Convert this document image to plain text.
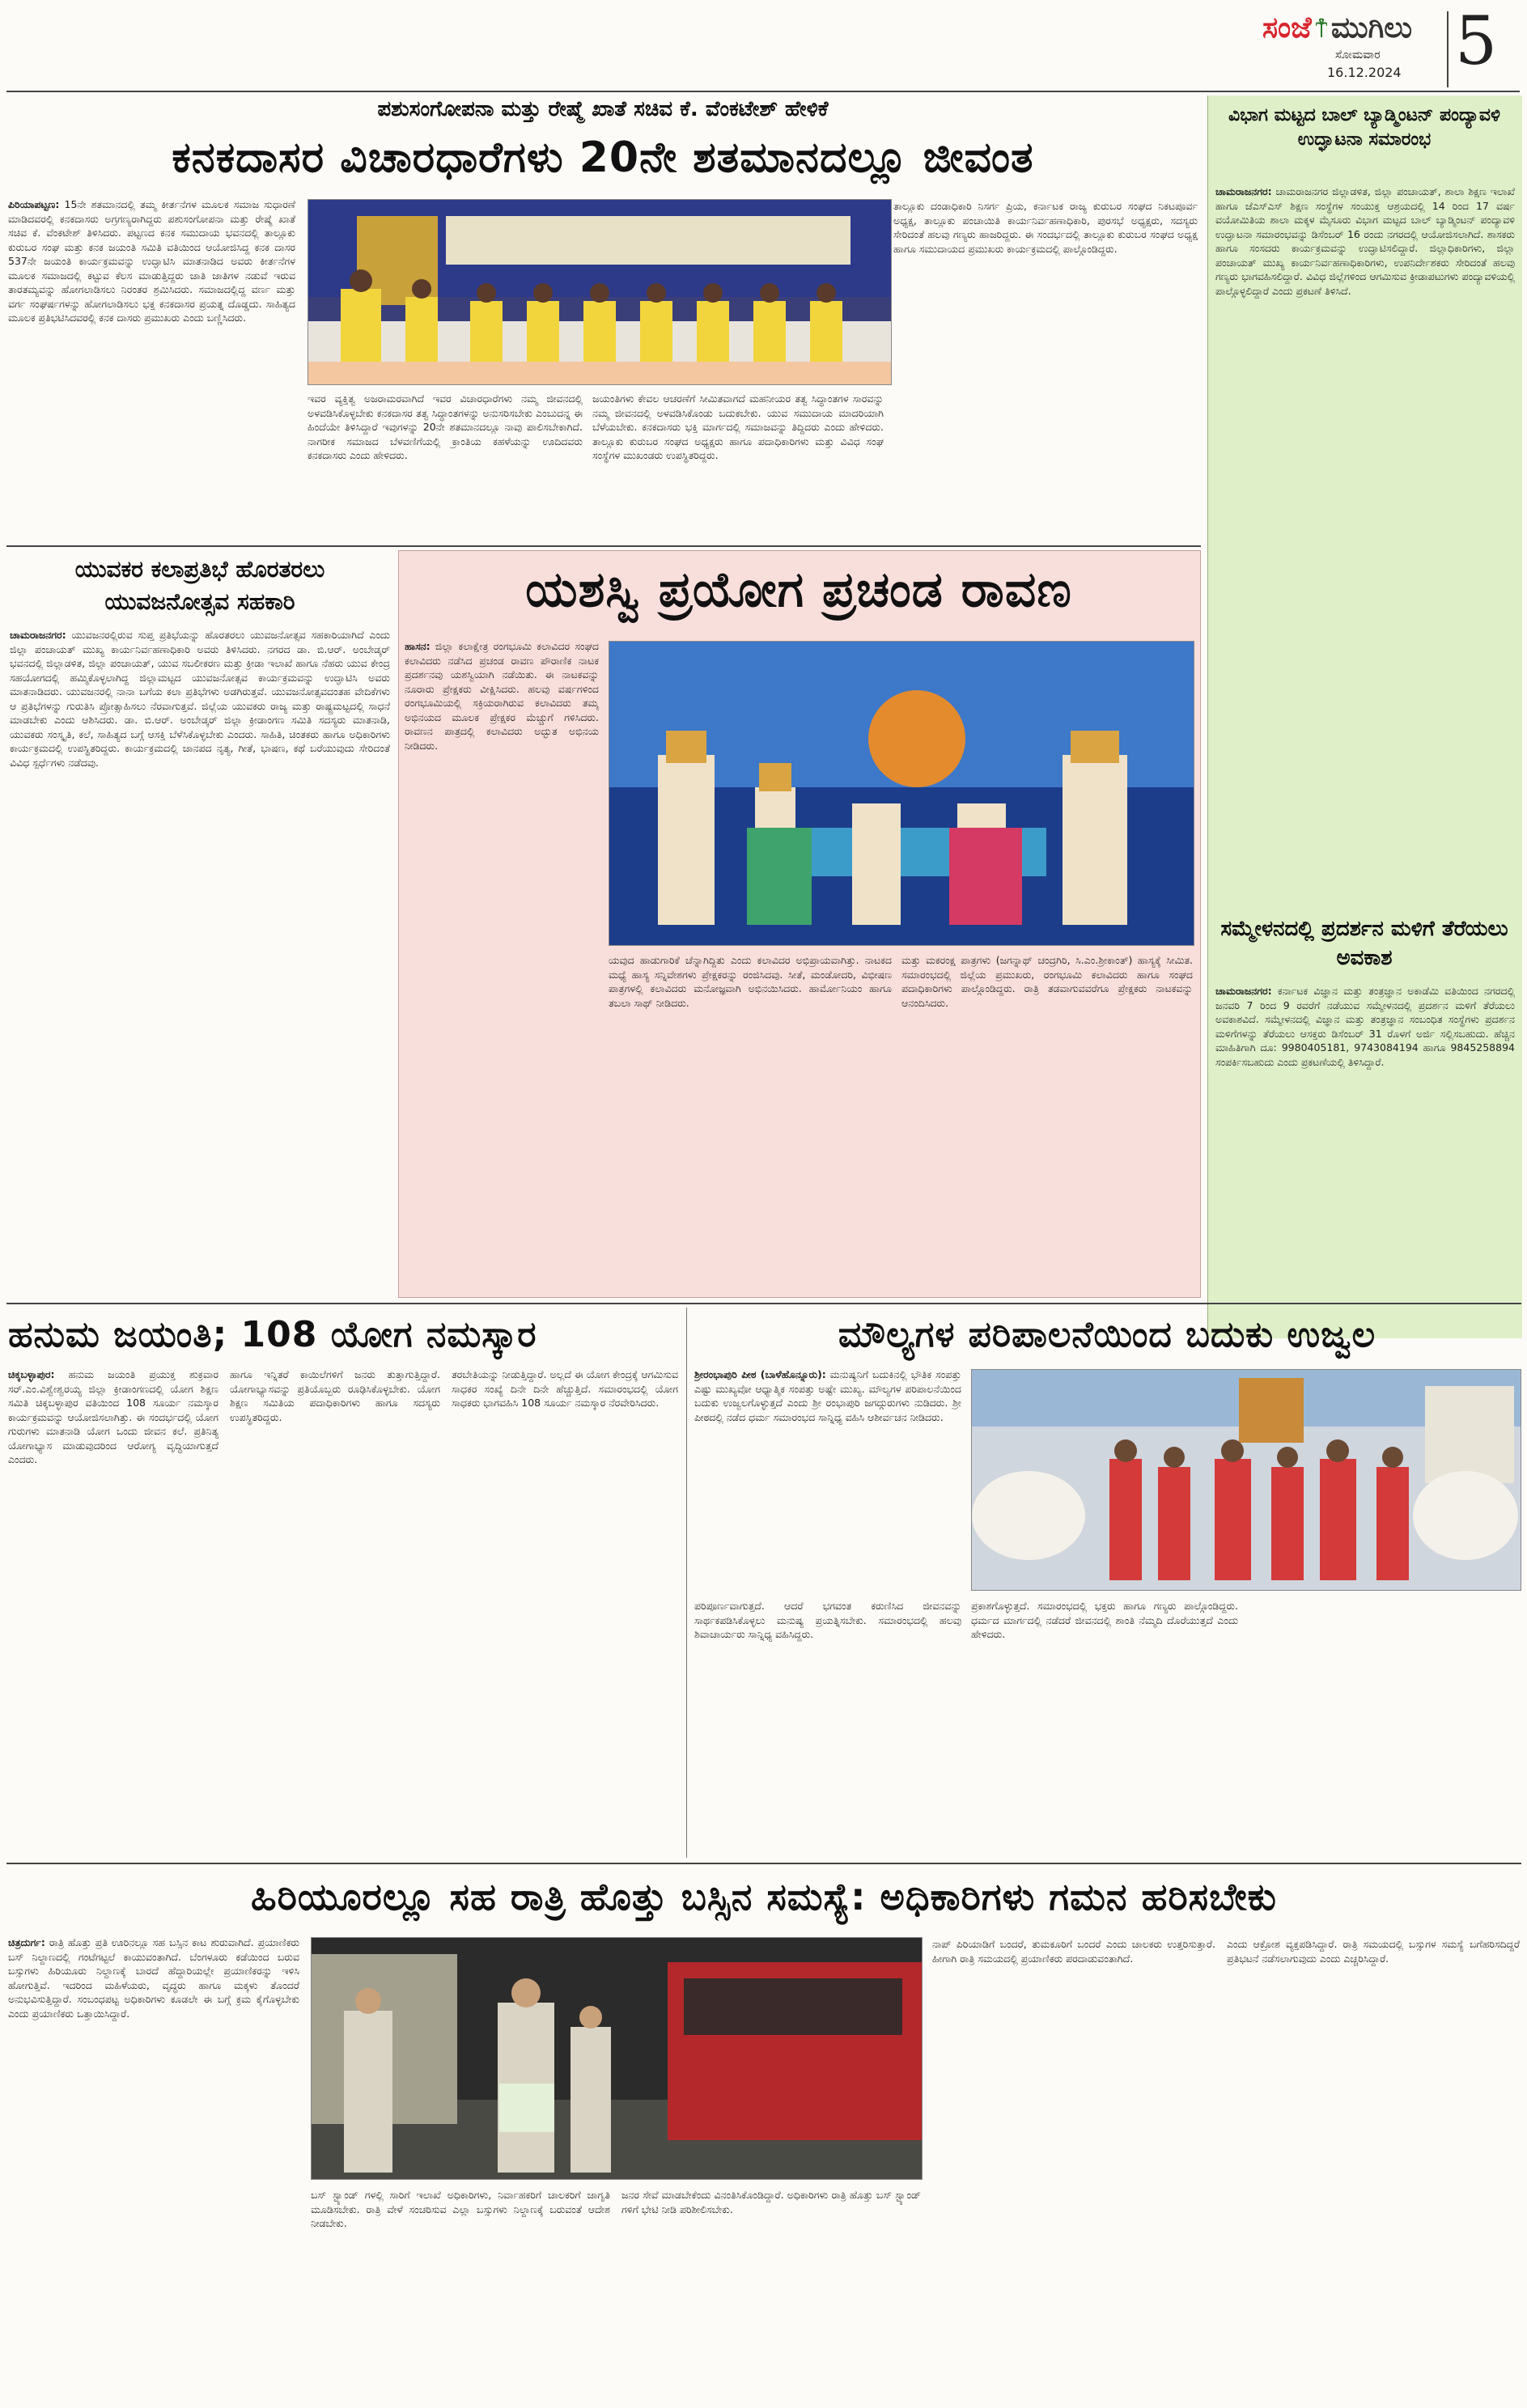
ಸಂಜೆ ಮುಗಿಲು
ಸೋಮವಾರ
16.12.2024 5
ಪಶುಸಂಗೋಪನಾ ಮತ್ತು ರೇಷ್ಮೆ ಖಾತೆ ಸಚಿವ ಕೆ. ವೆಂಕಟೇಶ್ ಹೇಳಿಕೆ
ಕನಕದಾಸರ ವಿಚಾರಧಾರೆಗಳು 20ನೇ ಶತಮಾನದಲ್ಲೂ ಜೀವಂತ
ಪಿರಿಯಾಪಟ್ಟಣ: 15ನೇ ಶತಮಾನದಲ್ಲಿ ತಮ್ಮ ಕೀರ್ತನೆಗಳ ಮೂಲಕ ಸಮಾಜ ಸುಧಾರಣೆ ಮಾಡಿದವರಲ್ಲಿ ಕನಕದಾಸರು ಅಗ್ರಗಣ್ಯರಾಗಿದ್ದರು ಪಶುಸಂಗೋಪನಾ ಮತ್ತು ರೇಷ್ಮೆ ಖಾತೆ ಸಚಿವ ಕೆ. ವೆಂಕಟೇಶ್ ತಿಳಿಸಿದರು. ಪಟ್ಟಣದ ಕನಕ ಸಮುದಾಯ ಭವನದಲ್ಲಿ ತಾಲ್ಲೂಕು ಕುರುಬರ ಸಂಘ ಮತ್ತು ಕನಕ ಜಯಂತಿ ಸಮಿತಿ ವತಿಯಿಂದ ಆಯೋಜಿಸಿದ್ದ ಕನಕ ದಾಸರ 537ನೇ ಜಯಂತಿ ಕಾರ್ಯಕ್ರಮವನ್ನು ಉದ್ಘಾಟಿಸಿ ಮಾತನಾಡಿದ ಅವರು ಕೀರ್ತನೆಗಳ ಮೂಲಕ ಸಮಾಜದಲ್ಲಿ ಕಟ್ಟುವ ಕೆಲಸ ಮಾಡುತ್ತಿದ್ದರು ಜಾತಿ ಜಾತಿಗಳ ನಡುವೆ ಇರುವ ತಾರತಮ್ಯವನ್ನು ಹೋಗಲಾಡಿಸಲು ನಿರಂತರ ಶ್ರಮಿಸಿದರು. ಸಮಾಜದಲ್ಲಿದ್ದ ವರ್ಣ ಮತ್ತು ವರ್ಗ ಸಂಘರ್ಷಗಳನ್ನು ಹೋಗಲಾಡಿಸಲು ಭಕ್ತ ಕನಕದಾಸರ ಪ್ರಯತ್ನ ದೊಡ್ಡದು. ಸಾಹಿತ್ಯದ ಮೂಲಕ ಪ್ರತಿಭಟಿಸಿದವರಲ್ಲಿ ಕನಕ ದಾಸರು ಪ್ರಮುಖರು ಎಂದು ಬಣ್ಣಿಸಿದರು.
ಇವರ ವ್ಯಕ್ತಿತ್ವ ಅಜರಾಮರವಾಗಿದೆ ಇವರ ವಿಚಾರಧಾರೆಗಳು ನಮ್ಮ ಜೀವನದಲ್ಲಿ ಅಳವಡಿಸಿಕೊಳ್ಳಬೇಕು ಕನಕದಾಸರ ತತ್ವ ಸಿದ್ಧಾಂತಗಳನ್ನು ಅನುಸರಿಸಬೇಕು ಎಂಬುದನ್ನ ಈ ಹಿಂದೆಯೇ ತಿಳಿಸಿದ್ದಾರೆ ಇವುಗಳನ್ನು 20ನೇ ಶತಮಾನದಲ್ಲೂ ನಾವು ಪಾಲಿಸಬೇಕಾಗಿದೆ. ನಾಗರೀಕ ಸಮಾಜದ ಬೆಳವಣಿಗೆಯಲ್ಲಿ ಕ್ರಾಂತಿಯ ಕಹಳೆಯನ್ನು ಊದಿದವರು ಕನಕದಾಸರು ಎಂದು ಹೇಳಿದರು.
ಜಯಂತಿಗಳು ಕೇವಲ ಆಚರಣೆಗೆ ಸೀಮಿತವಾಗದೆ ಮಹನೀಯರ ತತ್ವ ಸಿದ್ಧಾಂತಗಳ ಸಾರವನ್ನು ನಮ್ಮ ಜೀವನದಲ್ಲಿ ಅಳವಡಿಸಿಕೊಂಡು ಬದುಕಬೇಕು. ಯುವ ಸಮುದಾಯ ಮಾದರಿಯಾಗಿ ಬೆಳೆಯಬೇಕು. ಕನಕದಾಸರು ಭಕ್ತಿ ಮಾರ್ಗದಲ್ಲಿ ಸಮಾಜವನ್ನು ತಿದ್ದಿದರು ಎಂದು ಹೇಳಿದರು. ತಾಲ್ಲೂಕು ಕುರುಬರ ಸಂಘದ ಅಧ್ಯಕ್ಷರು ಹಾಗೂ ಪದಾಧಿಕಾರಿಗಳು ಮತ್ತು ವಿವಿಧ ಸಂಘ ಸಂಸ್ಥೆಗಳ ಮುಖಂಡರು ಉಪಸ್ಥಿತರಿದ್ದರು.
ತಾಲ್ಲೂಕು ದಂಡಾಧಿಕಾರಿ ನಿಸರ್ಗ ಪ್ರಿಯ, ಕರ್ನಾಟಕ ರಾಜ್ಯ ಕುರುಬರ ಸಂಘದ ನಿಕಟಪೂರ್ವ ಅಧ್ಯಕ್ಷ, ತಾಲ್ಲೂಕು ಪಂಚಾಯಿತಿ ಕಾರ್ಯನಿರ್ವಹಣಾಧಿಕಾರಿ, ಪುರಸಭೆ ಅಧ್ಯಕ್ಷರು, ಸದಸ್ಯರು ಸೇರಿದಂತೆ ಹಲವು ಗಣ್ಯರು ಹಾಜರಿದ್ದರು. ಈ ಸಂದರ್ಭದಲ್ಲಿ ತಾಲ್ಲೂಕು ಕುರುಬರ ಸಂಘದ ಅಧ್ಯಕ್ಷ ಹಾಗೂ ಸಮುದಾಯದ ಪ್ರಮುಖರು ಕಾರ್ಯಕ್ರಮದಲ್ಲಿ ಪಾಲ್ಗೊಂಡಿದ್ದರು.
ವಿಭಾಗ ಮಟ್ಟದ ಬಾಲ್ ಬ್ಯಾಡ್ಮಿಂಟನ್ ಪಂದ್ಯಾವಳಿ ಉದ್ಘಾಟನಾ ಸಮಾರಂಭ
ಚಾಮರಾಜನಗರ: ಚಾಮರಾಜನಗರ ಜಿಲ್ಲಾಡಳಿತ, ಜಿಲ್ಲಾ ಪಂಚಾಯತ್, ಶಾಲಾ ಶಿಕ್ಷಣ ಇಲಾಖೆ ಹಾಗೂ ಜೆಎಸ್ಎಸ್ ಶಿಕ್ಷಣ ಸಂಸ್ಥೆಗಳ ಸಂಯುಕ್ತ ಆಶ್ರಯದಲ್ಲಿ 14 ರಿಂದ 17 ವರ್ಷ ವಯೋಮಿತಿಯ ಶಾಲಾ ಮಕ್ಕಳ ಮೈಸೂರು ವಿಭಾಗ ಮಟ್ಟದ ಬಾಲ್ ಬ್ಯಾಡ್ಮಿಂಟನ್ ಪಂದ್ಯಾವಳಿ ಉದ್ಘಾಟನಾ ಸಮಾರಂಭವನ್ನು ಡಿಸೆಂಬರ್ 16 ರಂದು ನಗರದಲ್ಲಿ ಆಯೋಜಿಸಲಾಗಿದೆ. ಶಾಸಕರು ಹಾಗೂ ಸಂಸದರು ಕಾರ್ಯಕ್ರಮವನ್ನು ಉದ್ಘಾಟಿಸಲಿದ್ದಾರೆ. ಜಿಲ್ಲಾಧಿಕಾರಿಗಳು, ಜಿಲ್ಲಾ ಪಂಚಾಯತ್ ಮುಖ್ಯ ಕಾರ್ಯನಿರ್ವಹಣಾಧಿಕಾರಿಗಳು, ಉಪನಿರ್ದೇಶಕರು ಸೇರಿದಂತೆ ಹಲವು ಗಣ್ಯರು ಭಾಗವಹಿಸಲಿದ್ದಾರೆ. ವಿವಿಧ ಜಿಲ್ಲೆಗಳಿಂದ ಆಗಮಿಸುವ ಕ್ರೀಡಾಪಟುಗಳು ಪಂದ್ಯಾವಳಿಯಲ್ಲಿ ಪಾಲ್ಗೊಳ್ಳಲಿದ್ದಾರೆ ಎಂದು ಪ್ರಕಟಣೆ ತಿಳಿಸಿದೆ.
ಸಮ್ಮೇಳನದಲ್ಲಿ ಪ್ರದರ್ಶನ ಮಳಿಗೆ ತೆರೆಯಲು ಅವಕಾಶ
ಚಾಮರಾಜನಗರ: ಕರ್ನಾಟಕ ವಿಜ್ಞಾನ ಮತ್ತು ತಂತ್ರಜ್ಞಾನ ಅಕಾಡೆಮಿ ವತಿಯಿಂದ ನಗರದಲ್ಲಿ ಜನವರಿ 7 ರಿಂದ 9 ರವರೆಗೆ ನಡೆಯುವ ಸಮ್ಮೇಳನದಲ್ಲಿ ಪ್ರದರ್ಶನ ಮಳಿಗೆ ತೆರೆಯಲು ಅವಕಾಶವಿದೆ. ಸಮ್ಮೇಳನದಲ್ಲಿ ವಿಜ್ಞಾನ ಮತ್ತು ತಂತ್ರಜ್ಞಾನ ಸಂಬಂಧಿತ ಸಂಸ್ಥೆಗಳು ಪ್ರದರ್ಶನ ಮಳಿಗೆಗಳನ್ನು ತೆರೆಯಲು ಆಸಕ್ತರು ಡಿಸೆಂಬರ್ 31 ರೊಳಗೆ ಅರ್ಜಿ ಸಲ್ಲಿಸಬಹುದು. ಹೆಚ್ಚಿನ ಮಾಹಿತಿಗಾಗಿ ದೂ: 9980405181, 9743084194 ಹಾಗೂ 9845258894 ಸಂಪರ್ಕಿಸಬಹುದು ಎಂದು ಪ್ರಕಟಣೆಯಲ್ಲಿ ತಿಳಿಸಿದ್ದಾರೆ.
ಯುವಕರ ಕಲಾಪ್ರತಿಭೆ ಹೊರತರಲು ಯುವಜನೋತ್ಸವ ಸಹಕಾರಿ
ಚಾಮರಾಜನಗರ: ಯುವಜನರಲ್ಲಿರುವ ಸುಪ್ತ ಪ್ರತಿಭೆಯನ್ನು ಹೊರತರಲು ಯುವಜನೋತ್ಸವ ಸಹಕಾರಿಯಾಗಿದೆ ಎಂದು ಜಿಲ್ಲಾ ಪಂಚಾಯತ್ ಮುಖ್ಯ ಕಾರ್ಯನಿರ್ವಹಣಾಧಿಕಾರಿ ಅವರು ತಿಳಿಸಿದರು. ನಗರದ ಡಾ. ಬಿ.ಆರ್. ಅಂಬೇಡ್ಕರ್ ಭವನದಲ್ಲಿ ಜಿಲ್ಲಾಡಳಿತ, ಜಿಲ್ಲಾ ಪಂಚಾಯತ್, ಯುವ ಸಬಲೀಕರಣ ಮತ್ತು ಕ್ರೀಡಾ ಇಲಾಖೆ ಹಾಗೂ ನೆಹರು ಯುವ ಕೇಂದ್ರ ಸಹಯೋಗದಲ್ಲಿ ಹಮ್ಮಿಕೊಳ್ಳಲಾಗಿದ್ದ ಜಿಲ್ಲಾಮಟ್ಟದ ಯುವಜನೋತ್ಸವ ಕಾರ್ಯಕ್ರಮವನ್ನು ಉದ್ಘಾಟಿಸಿ ಅವರು ಮಾತನಾಡಿದರು. ಯುವಜನರಲ್ಲಿ ನಾನಾ ಬಗೆಯ ಕಲಾ ಪ್ರತಿಭೆಗಳು ಅಡಗಿರುತ್ತವೆ. ಯುವಜನೋತ್ಸವದಂತಹ ವೇದಿಕೆಗಳು ಆ ಪ್ರತಿಭೆಗಳನ್ನು ಗುರುತಿಸಿ ಪ್ರೋತ್ಸಾಹಿಸಲು ನೆರವಾಗುತ್ತವೆ. ಜಿಲ್ಲೆಯ ಯುವಕರು ರಾಜ್ಯ ಮತ್ತು ರಾಷ್ಟ್ರಮಟ್ಟದಲ್ಲಿ ಸಾಧನೆ ಮಾಡಬೇಕು ಎಂದು ಆಶಿಸಿದರು. ಡಾ. ಬಿ.ಆರ್. ಅಂಬೇಡ್ಕರ್ ಜಿಲ್ಲಾ ಕ್ರೀಡಾಂಗಣ ಸಮಿತಿ ಸದಸ್ಯರು ಮಾತನಾಡಿ, ಯುವಕರು ಸಂಸ್ಕೃತಿ, ಕಲೆ, ಸಾಹಿತ್ಯದ ಬಗ್ಗೆ ಆಸಕ್ತಿ ಬೆಳೆಸಿಕೊಳ್ಳಬೇಕು ಎಂದರು. ಸಾಹಿತಿ, ಚಿಂತಕರು ಹಾಗೂ ಅಧಿಕಾರಿಗಳು ಕಾರ್ಯಕ್ರಮದಲ್ಲಿ ಉಪಸ್ಥಿತರಿದ್ದರು. ಕಾರ್ಯಕ್ರಮದಲ್ಲಿ ಜಾನಪದ ನೃತ್ಯ, ಗೀತೆ, ಭಾಷಣ, ಕಥೆ ಬರೆಯುವುದು ಸೇರಿದಂತೆ ವಿವಿಧ ಸ್ಪರ್ಧೆಗಳು ನಡೆದವು.
ಯಶಸ್ವಿ ಪ್ರಯೋಗ ಪ್ರಚಂಡ ರಾವಣ
ಹಾಸನ: ಜಿಲ್ಲಾ ಕಲಾಕ್ಷೇತ್ರ ರಂಗಭೂಮಿ ಕಲಾವಿದರ ಸಂಘದ ಕಲಾವಿದರು ನಡೆಸಿದ ಪ್ರಚಂಡ ರಾವಣ ಪೌರಾಣಿಕ ನಾಟಕ ಪ್ರದರ್ಶನವು ಯಶಸ್ವಿಯಾಗಿ ನಡೆಯಿತು. ಈ ನಾಟಕವನ್ನು ನೂರಾರು ಪ್ರೇಕ್ಷಕರು ವೀಕ್ಷಿಸಿದರು. ಹಲವು ವರ್ಷಗಳಿಂದ ರಂಗಭೂಮಿಯಲ್ಲಿ ಸಕ್ರಿಯರಾಗಿರುವ ಕಲಾವಿದರು ತಮ್ಮ ಅಭಿನಯದ ಮೂಲಕ ಪ್ರೇಕ್ಷಕರ ಮೆಚ್ಚುಗೆ ಗಳಿಸಿದರು. ರಾವಣನ ಪಾತ್ರದಲ್ಲಿ ಕಲಾವಿದರು ಅದ್ಭುತ ಅಭಿನಯ ನೀಡಿದರು.
ಯವುದ ಹಾಡುಗಾರಿಕೆ ಚೆನ್ನಾಗಿದ್ದಿತು ಎಂದು ಕಲಾವಿದರ ಅಭಿಪ್ರಾಯವಾಗಿತ್ತು. ನಾಟಕದ ಮಧ್ಯೆ ಹಾಸ್ಯ ಸನ್ನಿವೇಶಗಳು ಪ್ರೇಕ್ಷಕರನ್ನು ರಂಜಿಸಿದವು. ಸೀತೆ, ಮಂಡೋದರಿ, ವಿಭೀಷಣ ಪಾತ್ರಗಳಲ್ಲಿ ಕಲಾವಿದರು ಮನೋಜ್ಞವಾಗಿ ಅಭಿನಯಿಸಿದರು. ಹಾರ್ಮೋನಿಯಂ ಹಾಗೂ ತಬಲಾ ಸಾಥ್ ನೀಡಿದರು.
ಮತ್ತು ಮಕರಂಕ್ಷ ಪಾತ್ರಗಳು (ಜಗನ್ನಾಥ್ ಚಂದ್ರಗಿರಿ, ಸಿ.ಎಂ.ಶ್ರೀಕಾಂತ್) ಹಾಸ್ಯಕ್ಕೆ ಸೀಮಿತ. ಸಮಾರಂಭದಲ್ಲಿ ಜಿಲ್ಲೆಯ ಪ್ರಮುಖರು, ರಂಗಭೂಮಿ ಕಲಾವಿದರು ಹಾಗೂ ಸಂಘದ ಪದಾಧಿಕಾರಿಗಳು ಪಾಲ್ಗೊಂಡಿದ್ದರು. ರಾತ್ರಿ ತಡವಾಗುವವರೆಗೂ ಪ್ರೇಕ್ಷಕರು ನಾಟಕವನ್ನು ಆನಂದಿಸಿದರು.
ಹನುಮ ಜಯಂತಿ; 108 ಯೋಗ ನಮಸ್ಕಾರ
ಚಿಕ್ಕಬಳ್ಳಾಪುರ: ಹನುಮ ಜಯಂತಿ ಪ್ರಯುಕ್ತ ಶುಕ್ರವಾರ ಸರ್.ಎಂ.ವಿಶ್ವೇಶ್ವರಯ್ಯ ಜಿಲ್ಲಾ ಕ್ರೀಡಾಂಗಣದಲ್ಲಿ ಯೋಗ ಶಿಕ್ಷಣ ಸಮಿತಿ ಚಿಕ್ಕಬಳ್ಳಾಪುರ ವತಿಯಿಂದ 108 ಸೂರ್ಯ ನಮಸ್ಕಾರ ಕಾರ್ಯಕ್ರಮವನ್ನು ಆಯೋಜಿಸಲಾಗಿತ್ತು. ಈ ಸಂದರ್ಭದಲ್ಲಿ ಯೋಗ ಗುರುಗಳು ಮಾತನಾಡಿ ಯೋಗ ಒಂದು ಜೀವನ ಕಲೆ. ಪ್ರತಿನಿತ್ಯ ಯೋಗಾಭ್ಯಾಸ ಮಾಡುವುದರಿಂದ ಆರೋಗ್ಯ ವೃದ್ಧಿಯಾಗುತ್ತದೆ ಎಂದರು.
ಹಾಗೂ ಇನ್ನಿತರೆ ಕಾಯಿಲೆಗಳಿಗೆ ಜನರು ತುತ್ತಾಗುತ್ತಿದ್ದಾರೆ. ಯೋಗಾಭ್ಯಾಸವನ್ನು ಪ್ರತಿಯೊಬ್ಬರು ರೂಢಿಸಿಕೊಳ್ಳಬೇಕು. ಯೋಗ ಶಿಕ್ಷಣ ಸಮಿತಿಯ ಪದಾಧಿಕಾರಿಗಳು ಹಾಗೂ ಸದಸ್ಯರು ಉಪಸ್ಥಿತರಿದ್ದರು.
ತರಬೇತಿಯನ್ನು ನೀಡುತ್ತಿದ್ದಾರೆ. ಅಲ್ಲದೆ ಈ ಯೋಗ ಕೇಂದ್ರಕ್ಕೆ ಆಗಮಿಸುವ ಸಾಧಕರ ಸಂಖ್ಯೆ ದಿನೇ ದಿನೇ ಹೆಚ್ಚುತ್ತಿದೆ. ಸಮಾರಂಭದಲ್ಲಿ ಯೋಗ ಸಾಧಕರು ಭಾಗವಹಿಸಿ 108 ಸೂರ್ಯ ನಮಸ್ಕಾರ ನೆರವೇರಿಸಿದರು.
ಮೌಲ್ಯಗಳ ಪರಿಪಾಲನೆಯಿಂದ ಬದುಕು ಉಜ್ವಲ
ಶ್ರೀರಂಭಾಪುರಿ ಪೀಠ (ಬಾಳೆಹೊನ್ನೂರು): ಮನುಷ್ಯನಿಗೆ ಬದುಕಿನಲ್ಲಿ ಭೌತಿಕ ಸಂಪತ್ತು ಎಷ್ಟು ಮುಖ್ಯವೋ ಆಧ್ಯಾತ್ಮಿಕ ಸಂಪತ್ತು ಅಷ್ಟೇ ಮುಖ್ಯ. ಮೌಲ್ಯಗಳ ಪರಿಪಾಲನೆಯಿಂದ ಬದುಕು ಉಜ್ವಲಗೊಳ್ಳುತ್ತದೆ ಎಂದು ಶ್ರೀ ರಂಭಾಪುರಿ ಜಗದ್ಗುರುಗಳು ನುಡಿದರು. ಶ್ರೀ ಪೀಠದಲ್ಲಿ ನಡೆದ ಧರ್ಮ ಸಮಾರಂಭದ ಸಾನ್ನಿಧ್ಯ ವಹಿಸಿ ಆಶೀರ್ವಚನ ನೀಡಿದರು.
ಪರಿಪೂರ್ಣವಾಗುತ್ತದೆ. ಆದರೆ ಭಗವಂತ ಕರುಣಿಸಿದ ಜೀವನವನ್ನು ಸಾರ್ಥಕಪಡಿಸಿಕೊಳ್ಳಲು ಮನುಷ್ಯ ಪ್ರಯತ್ನಿಸಬೇಕು. ಸಮಾರಂಭದಲ್ಲಿ ಹಲವು ಶಿವಾಚಾರ್ಯರು ಸಾನ್ನಿಧ್ಯ ವಹಿಸಿದ್ದರು.
ಪ್ರಕಾಶಗೊಳ್ಳುತ್ತದೆ. ಸಮಾರಂಭದಲ್ಲಿ ಭಕ್ತರು ಹಾಗೂ ಗಣ್ಯರು ಪಾಲ್ಗೊಂಡಿದ್ದರು. ಧರ್ಮದ ಮಾರ್ಗದಲ್ಲಿ ನಡೆದರೆ ಜೀವನದಲ್ಲಿ ಶಾಂತಿ ನೆಮ್ಮದಿ ದೊರೆಯುತ್ತದೆ ಎಂದು ಹೇಳಿದರು.
ಹಿರಿಯೂರಲ್ಲೂ ಸಹ ರಾತ್ರಿ ಹೊತ್ತು ಬಸ್ಸಿನ ಸಮಸ್ಯೆ: ಅಧಿಕಾರಿಗಳು ಗಮನ ಹರಿಸಬೇಕು
ಚಿತ್ರದುರ್ಗ: ರಾತ್ರಿ ಹೊತ್ತು ಪ್ರತಿ ಊರಿನಲ್ಲೂ ಸಹ ಬಸ್ಸಿನ ಕಾಟ ಶುರುವಾಗಿದೆ. ಪ್ರಯಾಣಿಕರು ಬಸ್ ನಿಲ್ದಾಣದಲ್ಲಿ ಗಂಟೆಗಟ್ಟಲೆ ಕಾಯುವಂತಾಗಿದೆ. ಬೆಂಗಳೂರು ಕಡೆಯಿಂದ ಬರುವ ಬಸ್ಸುಗಳು ಹಿರಿಯೂರು ನಿಲ್ದಾಣಕ್ಕೆ ಬಾರದೆ ಹೆದ್ದಾರಿಯಲ್ಲೇ ಪ್ರಯಾಣಿಕರನ್ನು ಇಳಿಸಿ ಹೋಗುತ್ತಿವೆ. ಇದರಿಂದ ಮಹಿಳೆಯರು, ವೃದ್ಧರು ಹಾಗೂ ಮಕ್ಕಳು ತೊಂದರೆ ಅನುಭವಿಸುತ್ತಿದ್ದಾರೆ. ಸಂಬಂಧಪಟ್ಟ ಅಧಿಕಾರಿಗಳು ಕೂಡಲೇ ಈ ಬಗ್ಗೆ ಕ್ರಮ ಕೈಗೊಳ್ಳಬೇಕು ಎಂದು ಪ್ರಯಾಣಿಕರು ಒತ್ತಾಯಿಸಿದ್ದಾರೆ.
ಬಸ್ ಸ್ಟ್ಯಾಂಡ್ ಗಳಲ್ಲಿ ಸಾರಿಗೆ ಇಲಾಖೆ ಅಧಿಕಾರಿಗಳು, ನಿರ್ವಾಹಕರಿಗೆ ಚಾಲಕರಿಗೆ ಜಾಗೃತಿ ಮೂಡಿಸಬೇಕು. ರಾತ್ರಿ ವೇಳೆ ಸಂಚರಿಸುವ ಎಲ್ಲಾ ಬಸ್ಸುಗಳು ನಿಲ್ದಾಣಕ್ಕೆ ಬರುವಂತೆ ಆದೇಶ ನೀಡಬೇಕು.
ಜನರ ಸೇವೆ ಮಾಡಬೇಕೆಂದು ವಿನಂತಿಸಿಕೊಂಡಿದ್ದಾರೆ. ಅಧಿಕಾರಿಗಳು ರಾತ್ರಿ ಹೊತ್ತು ಬಸ್ ಸ್ಟ್ಯಾಂಡ್ ಗಳಿಗೆ ಭೇಟಿ ನೀಡಿ ಪರಿಶೀಲಿಸಬೇಕು.
ನಾಪ್ ಪಿರಿಯಾಡಿಗೆ ಬಂದರೆ, ತುಮಕೂರಿಗೆ ಬಂದರೆ ಎಂದು ಚಾಲಕರು ಉತ್ತರಿಸುತ್ತಾರೆ. ಹೀಗಾಗಿ ರಾತ್ರಿ ಸಮಯದಲ್ಲಿ ಪ್ರಯಾಣಿಕರು ಪರದಾಡುವಂತಾಗಿದೆ.
ಎಂದು ಆಕ್ರೋಶ ವ್ಯಕ್ತಪಡಿಸಿದ್ದಾರೆ. ರಾತ್ರಿ ಸಮಯದಲ್ಲಿ ಬಸ್ಸುಗಳ ಸಮಸ್ಯೆ ಬಗೆಹರಿಸದಿದ್ದರೆ ಪ್ರತಿಭಟನೆ ನಡೆಸಲಾಗುವುದು ಎಂದು ಎಚ್ಚರಿಸಿದ್ದಾರೆ.
